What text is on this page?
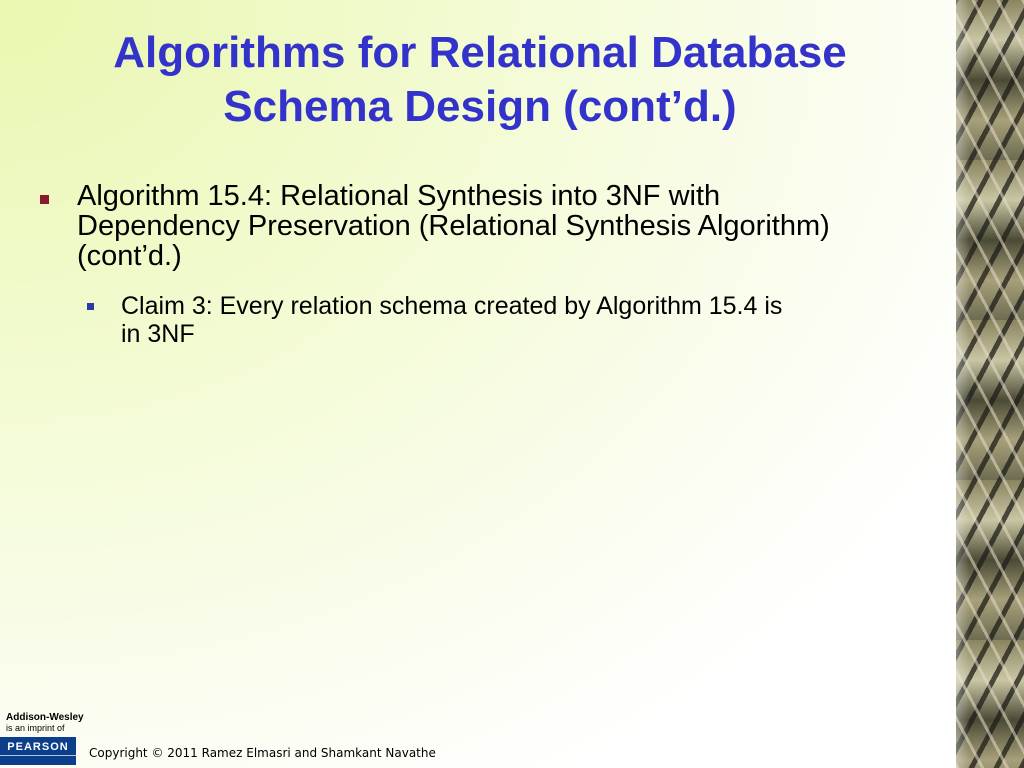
Algorithms for Relational Database
Schema Design (cont’d.)
Algorithm 15.4: Relational Synthesis into 3NF with
Dependency Preservation (Relational Synthesis Algorithm)
(cont’d.)
Claim 3: Every relation schema created by Algorithm 15.4 is
in 3NF
Addison-Wesley
is an imprint of
PEARSON Copyright © 2011 Ramez Elmasri and Shamkant Navathe
